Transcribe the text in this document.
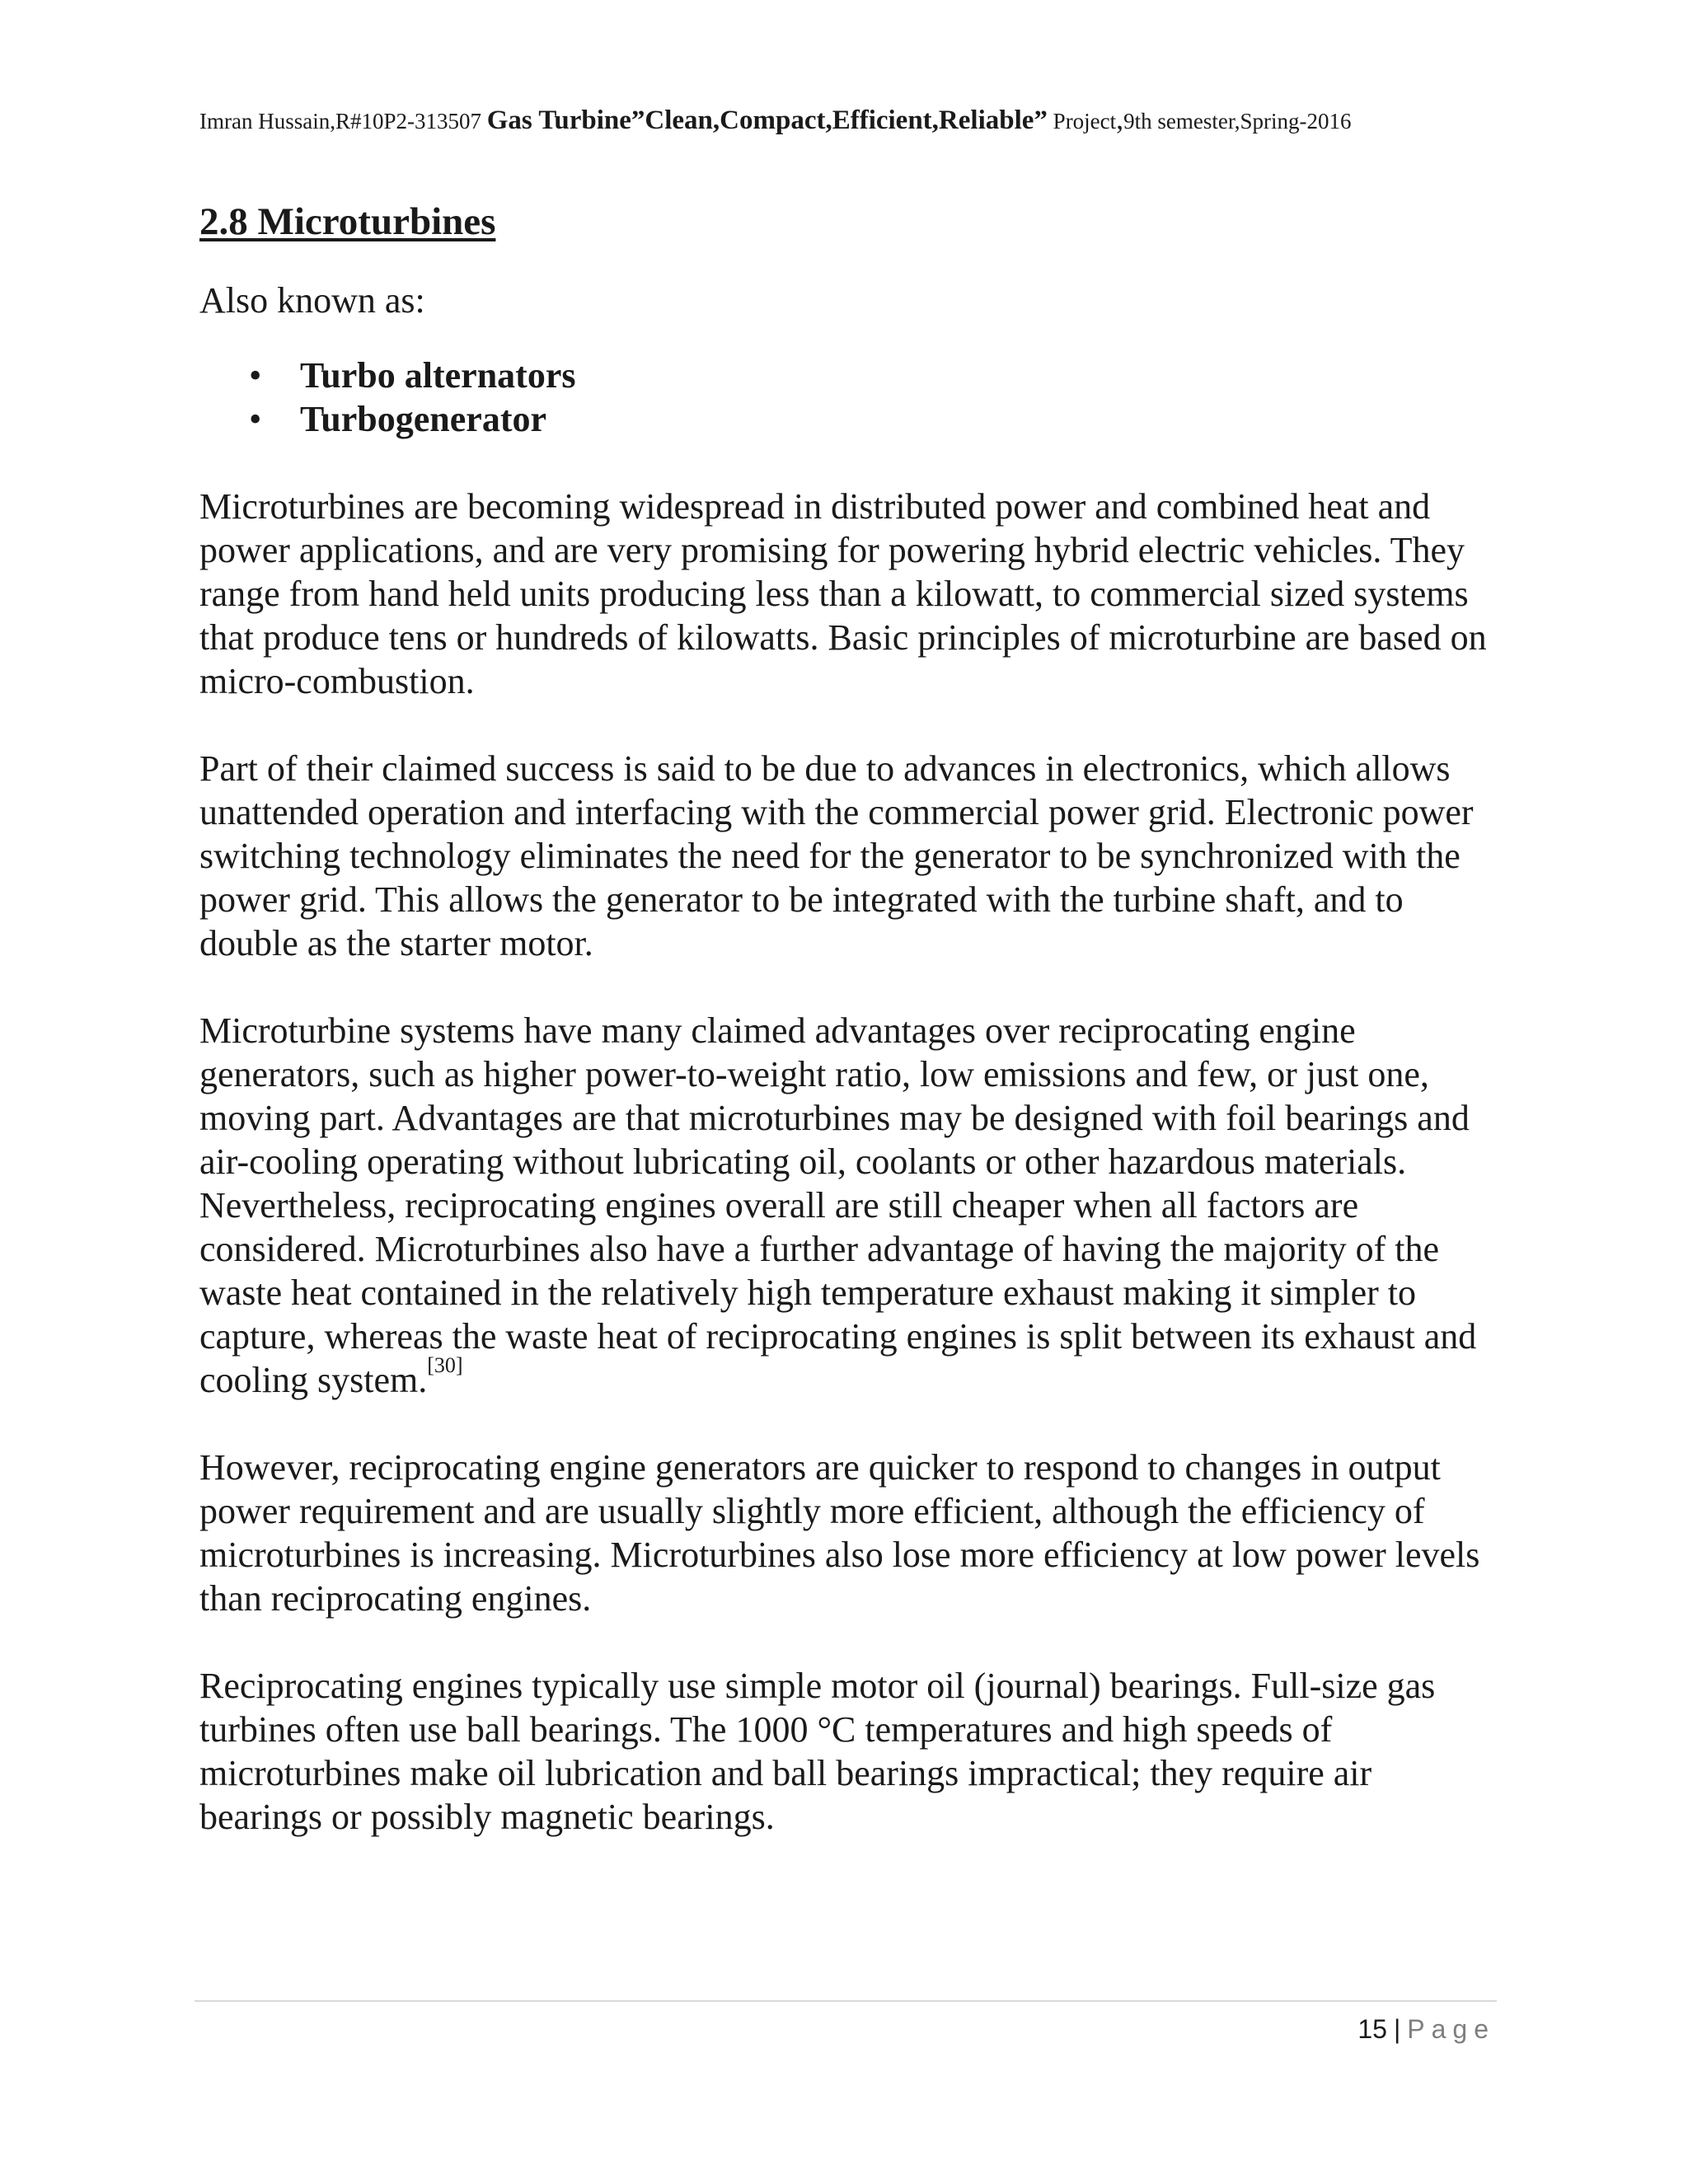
Imran Hussain,R#10P2-313507 Gas Turbine”Clean,Compact,Efficient,Reliable” Project,9th semester,Spring-2016
2.8 Microturbines

Also known as:

• Turbo alternators
• Turbogenerator

Microturbines are becoming widespread in distributed power and combined heat and power applications, and are very promising for powering hybrid electric vehicles. They range from hand held units producing less than a kilowatt, to commercial sized systems that produce tens or hundreds of kilowatts. Basic principles of microturbine are based on micro-combustion.

Part of their claimed success is said to be due to advances in electronics, which allows unattended operation and interfacing with the commercial power grid. Electronic power switching technology eliminates the need for the generator to be synchronized with the power grid. This allows the generator to be integrated with the turbine shaft, and to double as the starter motor.

Microturbine systems have many claimed advantages over reciprocating engine generators, such as higher power-to-weight ratio, low emissions and few, or just one, moving part. Advantages are that microturbines may be designed with foil bearings and air-cooling operating without lubricating oil, coolants or other hazardous materials. Nevertheless, reciprocating engines overall are still cheaper when all factors are considered. Microturbines also have a further advantage of having the majority of the waste heat contained in the relatively high temperature exhaust making it simpler to capture, whereas the waste heat of reciprocating engines is split between its exhaust and cooling system.[30]

However, reciprocating engine generators are quicker to respond to changes in output power requirement and are usually slightly more efficient, although the efficiency of microturbines is increasing. Microturbines also lose more efficiency at low power levels than reciprocating engines.

Reciprocating engines typically use simple motor oil (journal) bearings. Full-size gas turbines often use ball bearings. The 1000 °C temperatures and high speeds of microturbines make oil lubrication and ball bearings impractical; they require air bearings or possibly magnetic bearings.

15 | Page
